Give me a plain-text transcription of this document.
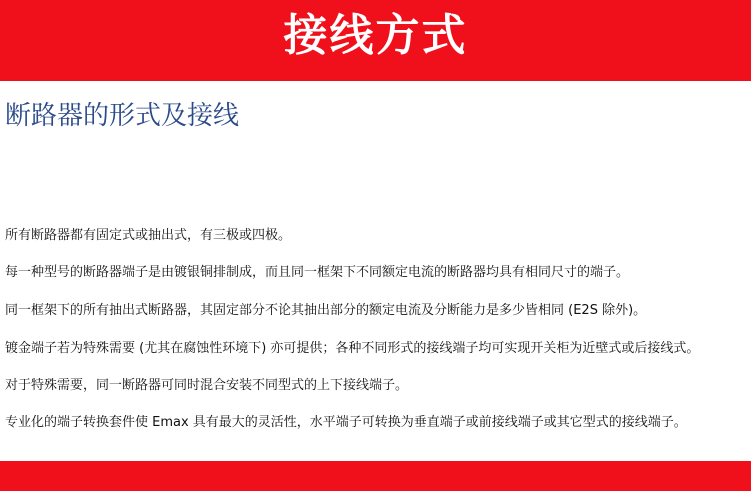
接线方式
断路器的形式及接线
所有断路器都有固定式或抽出式，有三极或四极。
每一种型号的断路器端子是由镀银铜排制成，而且同一框架下不同额定电流的断路器均具有相同尺寸的端子。
同一框架下的所有抽出式断路器，其固定部分不论其抽出部分的额定电流及分断能力是多少皆相同 (E2S 除外)。
镀金端子若为特殊需要 (尤其在腐蚀性环境下) 亦可提供；各种不同形式的接线端子均可实现开关柜为近壁式或后接线式。
对于特殊需要，同一断路器可同时混合安装不同型式的上下接线端子。
专业化的端子转换套件使 Emax 具有最大的灵活性，水平端子可转换为垂直端子或前接线端子或其它型式的接线端子。
